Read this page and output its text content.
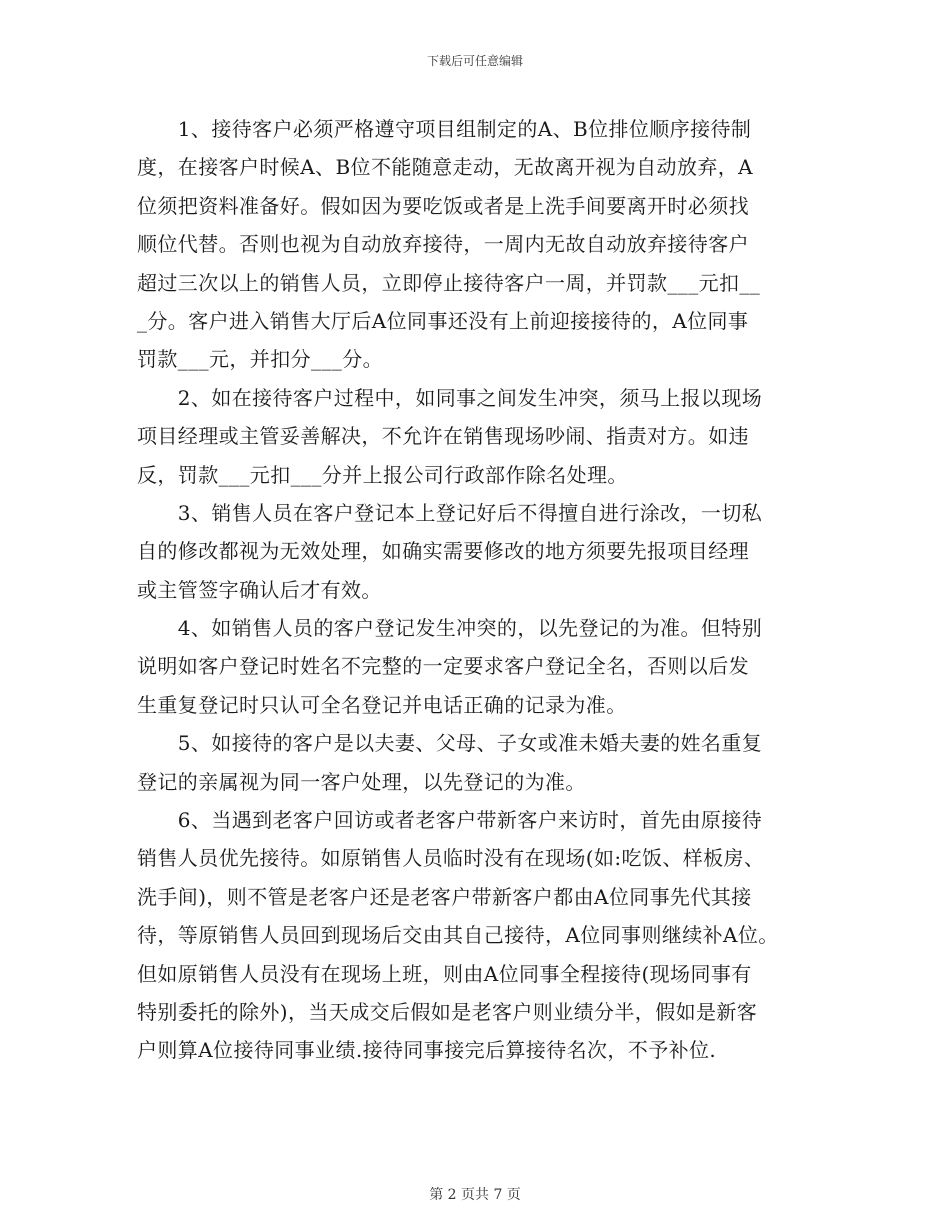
下载后可任意编辑
　　1、接待客户必须严格遵守项目组制定的A、B位排位顺序接待制
度，在接客户时候A、B位不能随意走动，无故离开视为自动放弃，A
位须把资料准备好。假如因为要吃饭或者是上洗手间要离开时必须找
顺位代替。否则也视为自动放弃接待，一周内无故自动放弃接待客户
超过三次以上的销售人员，立即停止接待客户一周，并罚款___元扣__
_分。客户进入销售大厅后A位同事还没有上前迎接接待的，A位同事
罚款___元，并扣分___分。
　　2、如在接待客户过程中，如同事之间发生冲突，须马上报以现场
项目经理或主管妥善解决，不允许在销售现场吵闹、指责对方。如违
反，罚款___元扣___分并上报公司行政部作除名处理。
　　3、销售人员在客户登记本上登记好后不得擅自进行涂改，一切私
自的修改都视为无效处理，如确实需要修改的地方须要先报项目经理
或主管签字确认后才有效。
　　4、如销售人员的客户登记发生冲突的，以先登记的为准。但特别
说明如客户登记时姓名不完整的一定要求客户登记全名，否则以后发
生重复登记时只认可全名登记并电话正确的记录为准。
　　5、如接待的客户是以夫妻、父母、子女或准未婚夫妻的姓名重复
登记的亲属视为同一客户处理，以先登记的为准。
　　6、当遇到老客户回访或者老客户带新客户来访时，首先由原接待
销售人员优先接待。如原销售人员临时没有在现场(如:吃饭、样板房、
洗手间)，则不管是老客户还是老客户带新客户都由A位同事先代其接
待，等原销售人员回到现场后交由其自己接待，A位同事则继续补A位。
但如原销售人员没有在现场上班，则由A位同事全程接待(现场同事有
特别委托的除外)，当天成交后假如是老客户则业绩分半，假如是新客
户则算A位接待同事业绩.接待同事接完后算接待名次，不予补位.
第 2 页共 7 页
